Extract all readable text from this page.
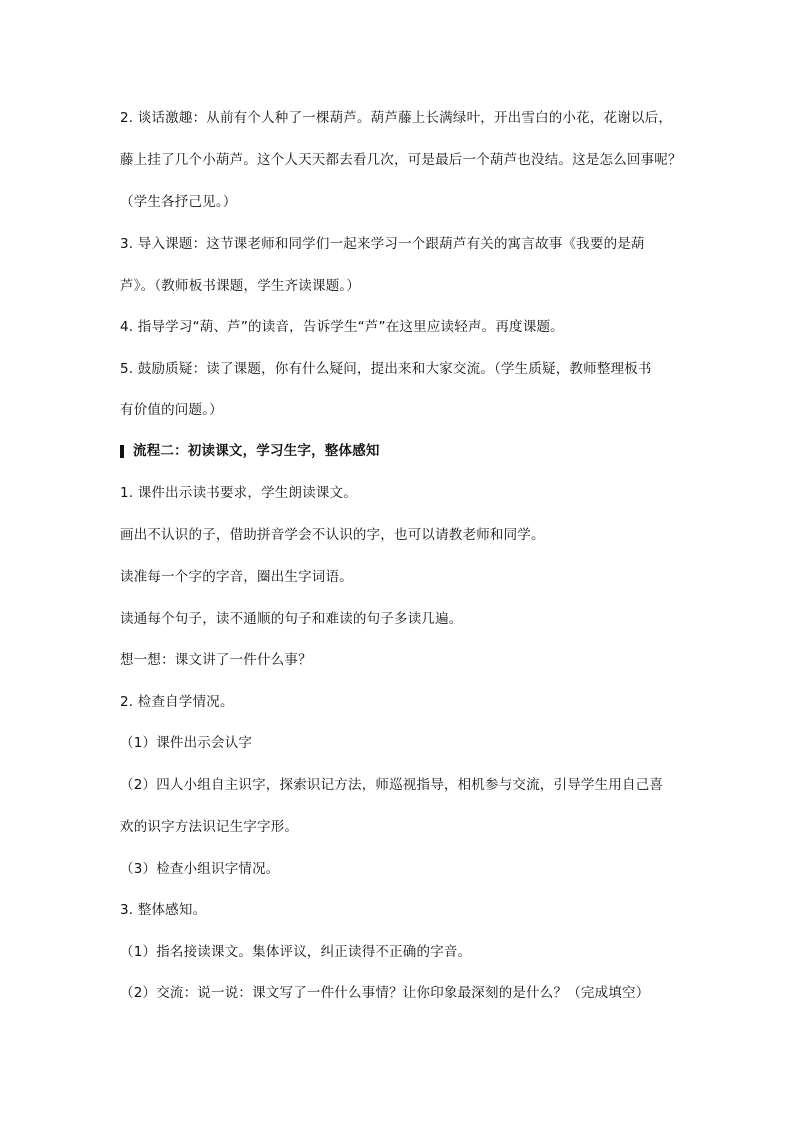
2. 谈话激趣：从前有个人种了一棵葫芦。葫芦藤上长满绿叶，开出雪白的小花，花谢以后，
藤上挂了几个小葫芦。这个人天天都去看几次，可是最后一个葫芦也没结。这是怎么回事呢？
（学生各抒己见。）
3. 导入课题：这节课老师和同学们一起来学习一个跟葫芦有关的寓言故事《我要的是葫
芦》。（教师板书课题，学生齐读课题。）
4. 指导学习“葫、芦”的读音，告诉学生“芦”在这里应读轻声。再度课题。
5. 鼓励质疑：读了课题，你有什么疑问，提出来和大家交流。（学生质疑，教师整理板书
有价值的问题。）
流程二：初读课文，学习生字，整体感知
1. 课件出示读书要求，学生朗读课文。
画出不认识的子，借助拼音学会不认识的字，也可以请教老师和同学。
读准每一个字的字音，圈出生字词语。
读通每个句子，读不通顺的句子和难读的句子多读几遍。
想一想：课文讲了一件什么事？
2. 检查自学情况。
（1）课件出示会认字
（2）四人小组自主识字，探索识记方法，师巡视指导，相机参与交流，引导学生用自己喜
欢的识字方法识记生字字形。
（3）检查小组识字情况。
3. 整体感知。
（1）指名接读课文。集体评议，纠正读得不正确的字音。
（2）交流：说一说：课文写了一件什么事情？让你印象最深刻的是什么？（完成填空）
